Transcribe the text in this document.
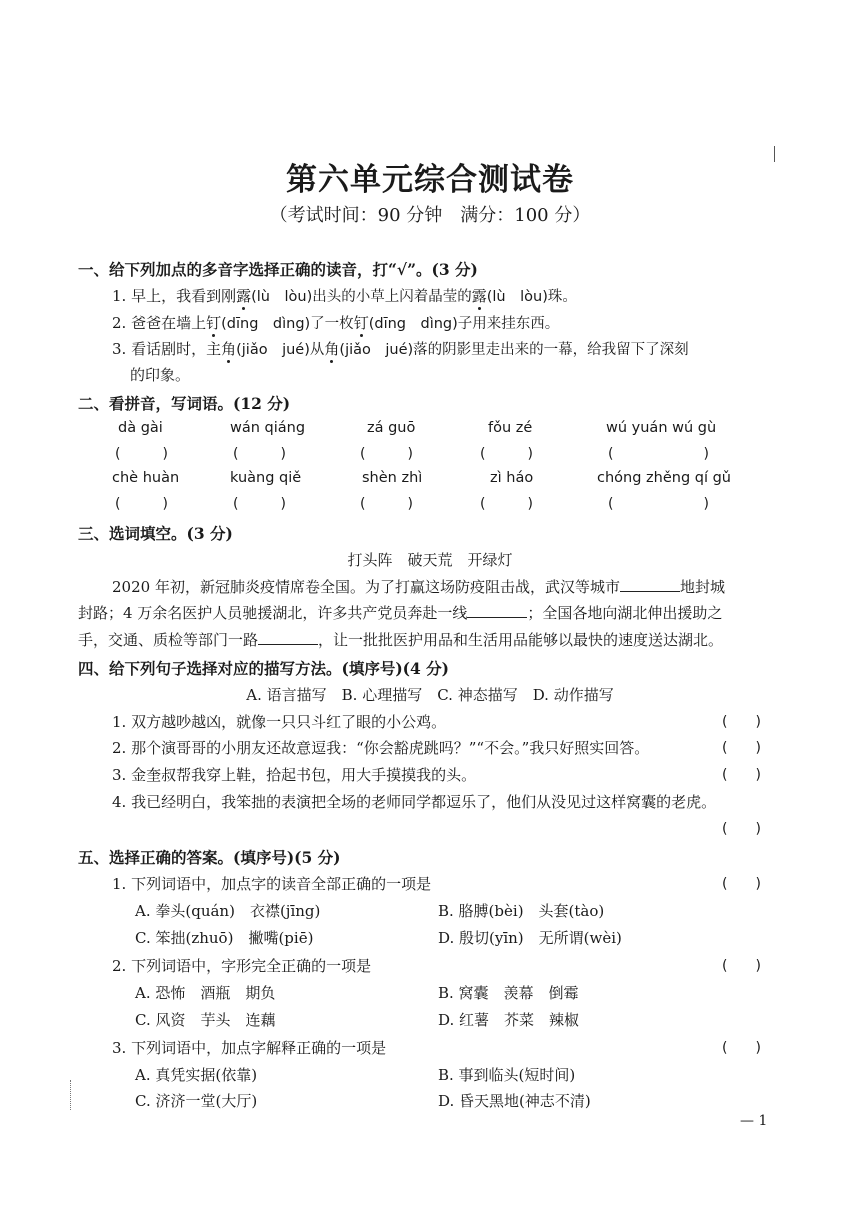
第六单元综合测试卷
（考试时间：90 分钟　满分：100 分）
一、给下列加点的多音字选择正确的读音，打“√”。(3 分)
1. 早上，我看到刚露(lù　lòu)出头的小草上闪着晶莹的露(lù　lòu)珠。
2. 爸爸在墙上钉(dīng　dìng)了一枚钉(dīng　dìng)子用来挂东西。
3. 看话剧时，主角(jiǎo　jué)从角(jiǎo　jué)落的阴影里走出来的一幕，给我留下了深刻
的印象。
二、看拼音，写词语。(12 分)
dà gài	wán qiáng	zá guō	fǒu zé	wú yuán wú gù
(　　　)	(　　　)	(　　　)	(　　　)	(　　　)
chè huàn	kuàng qiě	shèn zhì	zì háo	chóng zhěng qí gǔ
(　　　)	(　　　)	(　　　)	(　　　)	(　　　)
三、选词填空。(3 分)
打头阵　破天荒　开绿灯
2020 年初，新冠肺炎疫情席卷全国。为了打赢这场防疫阻击战，武汉等城市	地封城
封路；4 万余名医护人员驰援湖北，许多共产党员奔赴一线	；全国各地向湖北伸出援助之
手，交通、质检等部门一路	，让一批批医护用品和生活用品能够以最快的速度送达湖北。
四、给下列句子选择对应的描写方法。(填序号)(4 分)
A. 语言描写　B. 心理描写　C. 神态描写　D. 动作描写
1. 双方越吵越凶，就像一只只斗红了眼的小公鸡。	(　　)
2. 那个演哥哥的小朋友还故意逗我：“你会豁虎跳吗？”“不会。”我只好照实回答。	(　　)
3. 金奎叔帮我穿上鞋，拾起书包，用大手摸摸我的头。	(　　)
4. 我已经明白，我笨拙的表演把全场的老师同学都逗乐了，他们从没见过这样窝囊的老虎。
(　　)
五、选择正确的答案。(填序号)(5 分)
1. 下列词语中，加点字的读音全部正确的一项是	(　　)
A. 拳头(quán)　衣襟(jīng)	B. 胳膊(bèi)　头套(tào)
C. 笨拙(zhuō)　撇嘴(piē)	D. 殷切(yīn)　无所谓(wèi)
2. 下列词语中，字形完全正确的一项是	(　　)
A. 恐怖　酒瓶　期负	B. 窝囊　羡幕　倒霉
C. 风资　芋头　连藕	D. 红薯　芥菜　辣椒
3. 下列词语中，加点字解释正确的一项是	(　　)
A. 真凭实据(依靠)	B. 事到临头(短时间)
C. 济济一堂(大厅)	D. 昏天黑地(神志不清)
— 1
